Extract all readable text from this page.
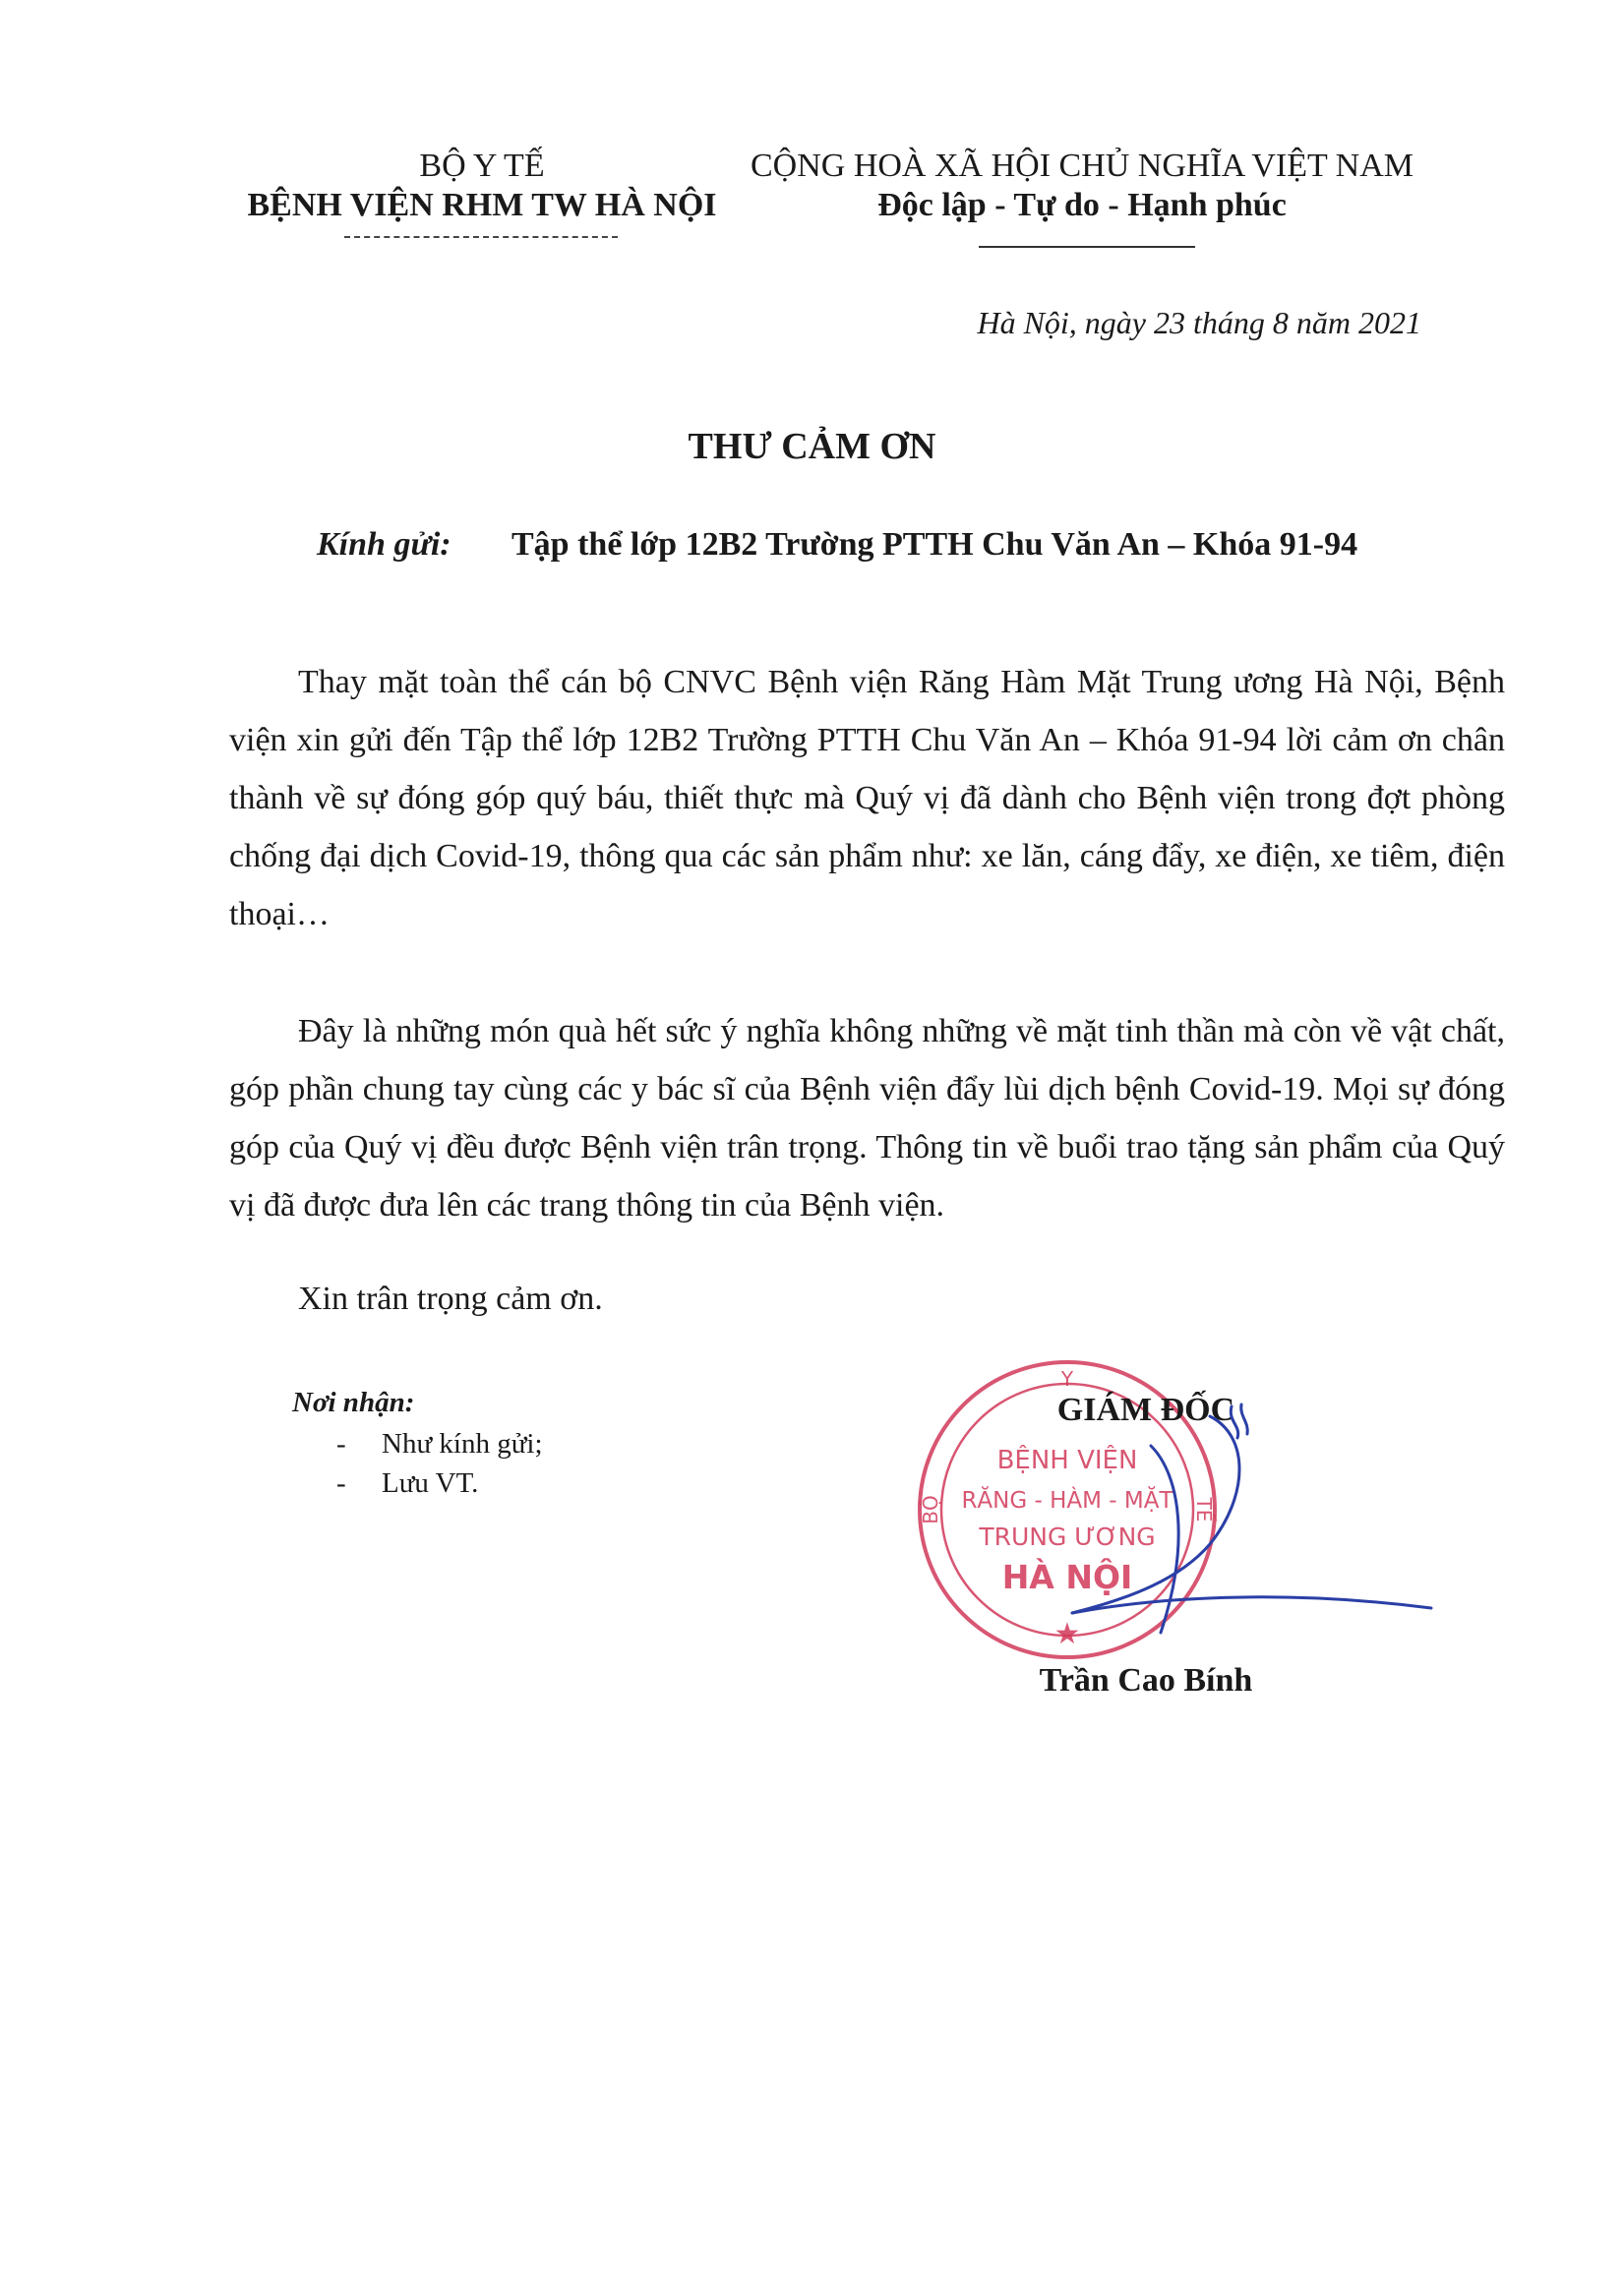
BỘ Y TẾ
BỆNH VIỆN RHM TW HÀ NỘI
CỘNG HOÀ XÃ HỘI CHỦ NGHĨA VIỆT NAM
Độc lập - Tự do - Hạnh phúc
Hà Nội, ngày 23 tháng 8 năm 2021
THƯ CẢM ƠN
Kính gửi: Tập thể lớp 12B2 Trường PTTH Chu Văn An – Khóa 91-94
Thay mặt toàn thể cán bộ CNVC Bệnh viện Răng Hàm Mặt Trung ương Hà Nội, Bệnh viện xin gửi đến Tập thể lớp 12B2 Trường PTTH Chu Văn An – Khóa 91-94 lời cảm ơn chân thành về sự đóng góp quý báu, thiết thực mà Quý vị đã dành cho Bệnh viện trong đợt phòng chống đại dịch Covid-19, thông qua các sản phẩm như: xe lăn, cáng đẩy, xe điện, xe tiêm, điện thoại…
Đây là những món quà hết sức ý nghĩa không những về mặt tinh thần mà còn về vật chất, góp phần chung tay cùng các y bác sĩ của Bệnh viện đẩy lùi dịch bệnh Covid-19. Mọi sự đóng góp của Quý vị đều được Bệnh viện trân trọng. Thông tin về buổi trao tặng sản phẩm của Quý vị đã được đưa lên các trang thông tin của Bệnh viện.
Xin trân trọng cảm ơn.
Nơi nhận:
- Như kính gửi;
- Lưu VT.
Y
BỘ	TẾ
BỆNH VIỆN
RĂNG - HÀM - MẶT
TRUNG ƯƠNG
HÀ NỘI
★
GIÁM ĐỐC
Trần Cao Bính
